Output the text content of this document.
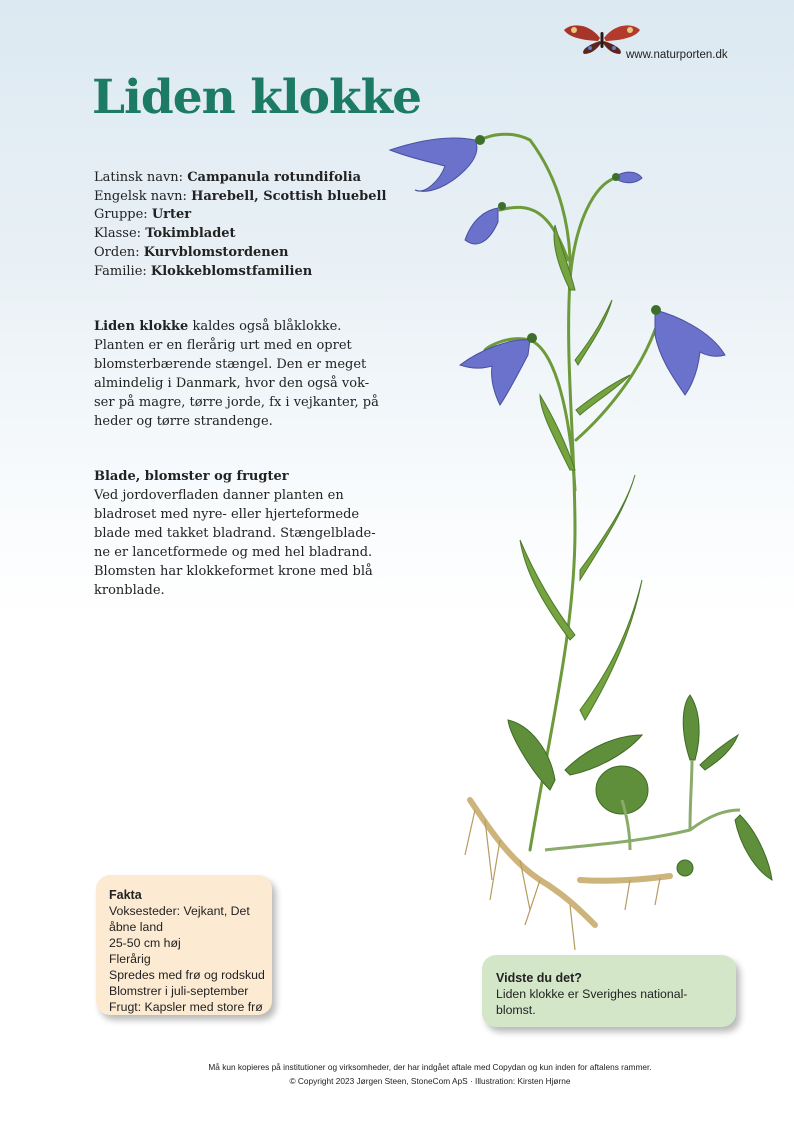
www.naturporten.dk
Liden klokke
Latinsk navn: Campanula rotundifolia
Engelsk navn: Harebell, Scottish bluebell
Gruppe: Urter
Klasse: Tokimbladet
Orden: Kurvblomstordenen
Familie: Klokkeblomstfamilien
Liden klokke kaldes også blåklokke.
Planten er en flerårig urt med en opret
blomsterbærende stængel. Den er meget
almindelig i Danmark, hvor den også vok-
ser på magre, tørre jorde, fx i vejkanter, på
heder og tørre strandenge.
Blade, blomster og frugter
Ved jordoverfladen danner planten en
bladroset med nyre- eller hjerteformede
blade med takket bladrand. Stængelblade-
ne er lancetformede og med hel bladrand.
Blomsten har klokkeformet krone med blå
kronblade.
Fakta
Voksesteder: Vejkant, Det
åbne land
25-50 cm høj
Flerårig
Spredes med frø og rodskud
Blomstrer i juli-september
Frugt: Kapsler med store frø
Vidste du det?
Liden klokke er Sverighes national-
blomst.
Må kun kopieres på institutioner og virksomheder, der har indgået aftale med Copydan og kun inden for aftalens rammer.
© Copyright 2023 Jørgen Steen, StoneCom ApS · Illustration: Kirsten Hjørne
